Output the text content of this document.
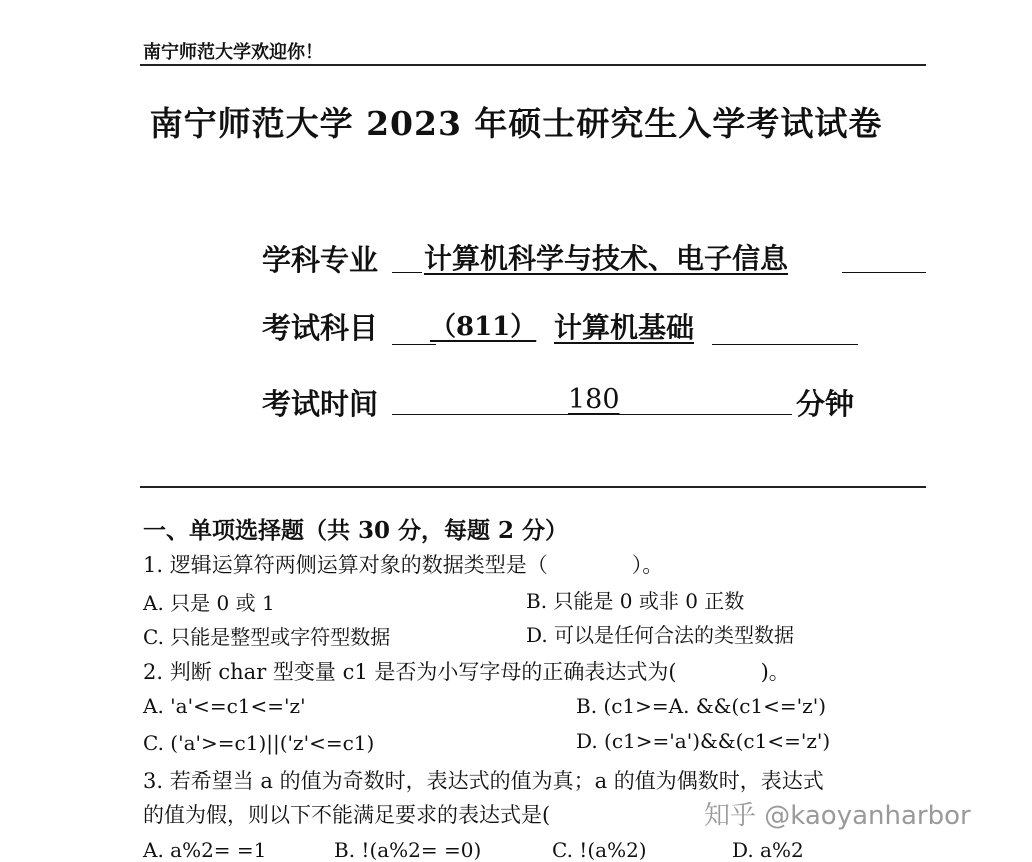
南宁师范大学欢迎你！
南宁师范大学 2023 年硕士研究生入学考试试卷
学科专业 计算机科学与技术、电子信息
考试科目 （811） 计算机基础
考试时间	180	分钟
一、单项选择题（共 30 分，每题 2 分）
1. 逻辑运算符两侧运算对象的数据类型是（　　　　）。
A. 只是 0 或 1	B. 只能是 0 或非 0 正数
C. 只能是整型或字符型数据	D. 可以是任何合法的类型数据
2. 判断 char 型变量 c1 是否为小写字母的正确表达式为(　　　　)。
A. 'a'<=c1<='z'	B. (c1>=A. &&(c1<='z')
C. ('a'>=c1)||('z'<=c1)	D. (c1>='a')&&(c1<='z')
3. 若希望当 a 的值为奇数时，表达式的值为真；a 的值为偶数时，表达式
的值为假，则以下不能满足要求的表达式是(
A. a%2= =1	B. !(a%2= =0)	C. !(a%2)	D. a%2
知乎 @kaoyanharbor
